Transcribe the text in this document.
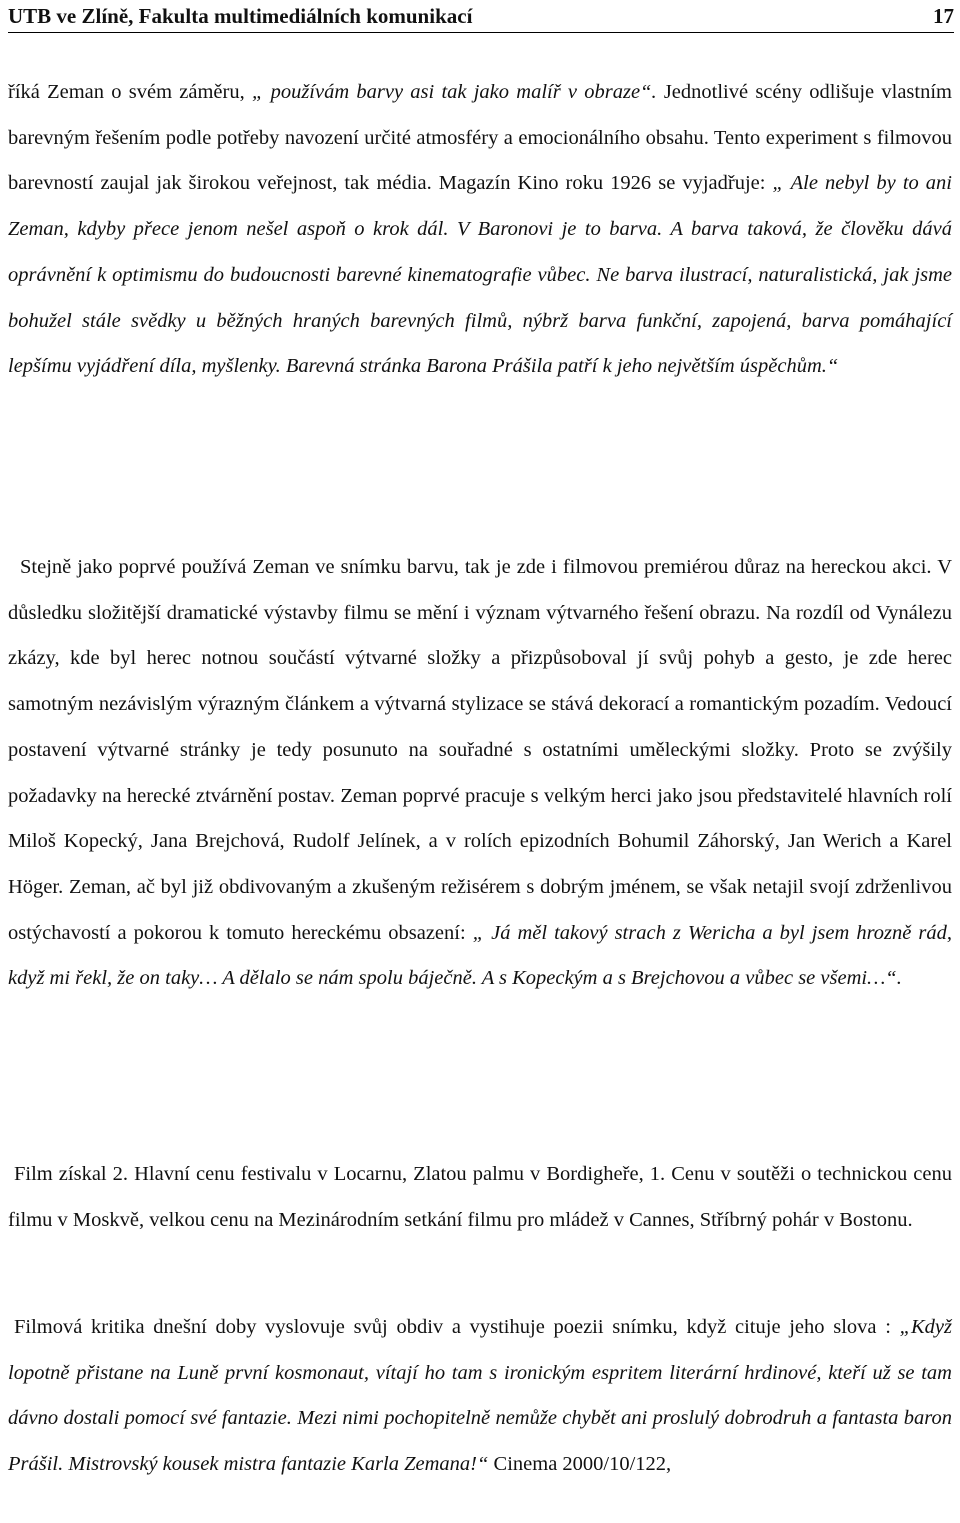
UTB ve Zlíně, Fakulta multimediálních komunikací	17

říká Zeman o svém záměru, „ používám barvy asi tak jako malíř v obraze“. Jednotlivé scény odlišuje vlastním barevným řešením podle potřeby navození určité atmosféry a emocionálního obsahu. Tento experiment s filmovou barevností zaujal jak širokou veřejnost, tak média. Magazín Kino roku 1926 se vyjadřuje: „ Ale nebyl by to ani Zeman, kdyby přece jenom nešel aspoň o krok dál. V Baronovi je to barva. A barva taková, že člověku dává oprávnění k optimismu do budoucnosti barevné kinematografie vůbec. Ne barva ilustrací, naturalistická, jak jsme bohužel stále svědky u běžných hraných barevných filmů, nýbrž barva funkční, zapojená, barva pomáhající lepšímu vyjádření díla, myšlenky. Barevná stránka Barona Prášila patří k jeho největším úspěchům.“

Stejně jako poprvé používá Zeman ve snímku barvu, tak je zde i filmovou premiérou důraz na hereckou akci. V důsledku složitější dramatické výstavby filmu se mění i význam výtvarného řešení obrazu. Na rozdíl od Vynálezu zkázy, kde byl herec notnou součástí výtvarné složky a přizpůsoboval jí svůj pohyb a gesto, je zde herec samotným nezávislým výrazným článkem a výtvarná stylizace se stává dekorací a romantickým pozadím. Vedoucí postavení výtvarné stránky je tedy posunuto na souřadné s ostatními uměleckými složky. Proto se zvýšily požadavky na herecké ztvárnění postav. Zeman poprvé pracuje s velkým herci jako jsou představitelé hlavních rolí Miloš Kopecký, Jana Brejchová, Rudolf Jelínek, a v rolích epizodních Bohumil Záhorský, Jan Werich a Karel Höger. Zeman, ač byl již obdivovaným a zkušeným režisérem s dobrým jménem, se však netajil svojí zdrženlivou ostýchavostí a pokorou k tomuto hereckému obsazení: „ Já měl takový strach z Wericha a byl jsem hrozně rád, když mi řekl, že on taky… A dělalo se nám spolu báječně. A s Kopeckým a s Brejchovou a vůbec se všemi…“.

Film získal 2. Hlavní cenu festivalu v Locarnu, Zlatou palmu v Bordigheře, 1. Cenu v soutěži o technickou cenu filmu v Moskvě, velkou cenu na Mezinárodním setkání filmu pro mládež v Cannes, Stříbrný pohár v Bostonu.

Filmová kritika dnešní doby vyslovuje svůj obdiv a vystihuje poezii snímku, když cituje jeho slova : „Když lopotně přistane na Luně první kosmonaut, vítají ho tam s ironickým espritem literární hrdinové, kteří už se tam dávno dostali pomocí své fantazie. Mezi nimi pochopitelně nemůže chybět ani proslulý dobrodruh a fantasta baron Prášil. Mistrovský kousek mistra fantazie Karla Zemana!“ Cinema 2000/10/122,
